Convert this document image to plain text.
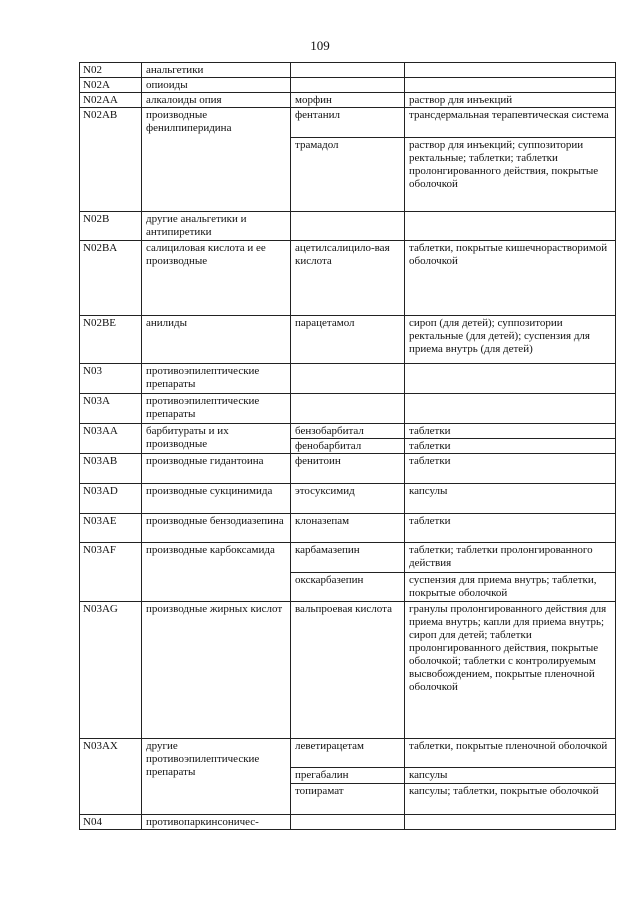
109
N02	анальгетики		
N02A	опиоиды		
N02AA	алкалоиды опия	морфин	раствор для инъекций
N02AB	производные фенилпиперидина	фентанил	трансдермальная терапевтическая система
		трамадол	раствор для инъекций; суппозитории ректальные; таблетки; таблетки пролонгированного действия, покрытые оболочкой
N02B	другие анальгетики и антипиретики		
N02BA	салициловая кислота и ее производные	ацетилсалицило-вая кислота	таблетки, покрытые кишечнорастворимой оболочкой
N02BE	анилиды	парацетамол	сироп (для детей); суппозитории ректальные (для детей); суспензия для приема внутрь (для детей)
N03	противоэпилептические препараты		
N03A	противоэпилептические препараты		
N03AA	барбитураты и их производные	бензобарбитал	таблетки
		фенобарбитал	таблетки
N03AB	производные гидантоина	фенитоин	таблетки
N03AD	производные сукцинимида	этосуксимид	капсулы
N03AE	производные бензодиазепина	клоназепам	таблетки
N03AF	производные карбоксамида	карбамазепин	таблетки; таблетки пролонгированного действия
		окскарбазепин	суспензия для приема внутрь; таблетки, покрытые оболочкой
N03AG	производные жирных кислот	вальпроевая кислота	гранулы пролонгированного действия для приема внутрь; капли для приема внутрь; сироп для детей; таблетки пролонгированного действия, покрытые оболочкой; таблетки с контролируемым высвобождением, покрытые пленочной оболочкой
N03AX	другие противоэпилептические препараты	леветирацетам	таблетки, покрытые пленочной оболочкой
		прегабалин	капсулы
		топирамат	капсулы; таблетки, покрытые оболочкой
N04	противопаркинсоничес-		
